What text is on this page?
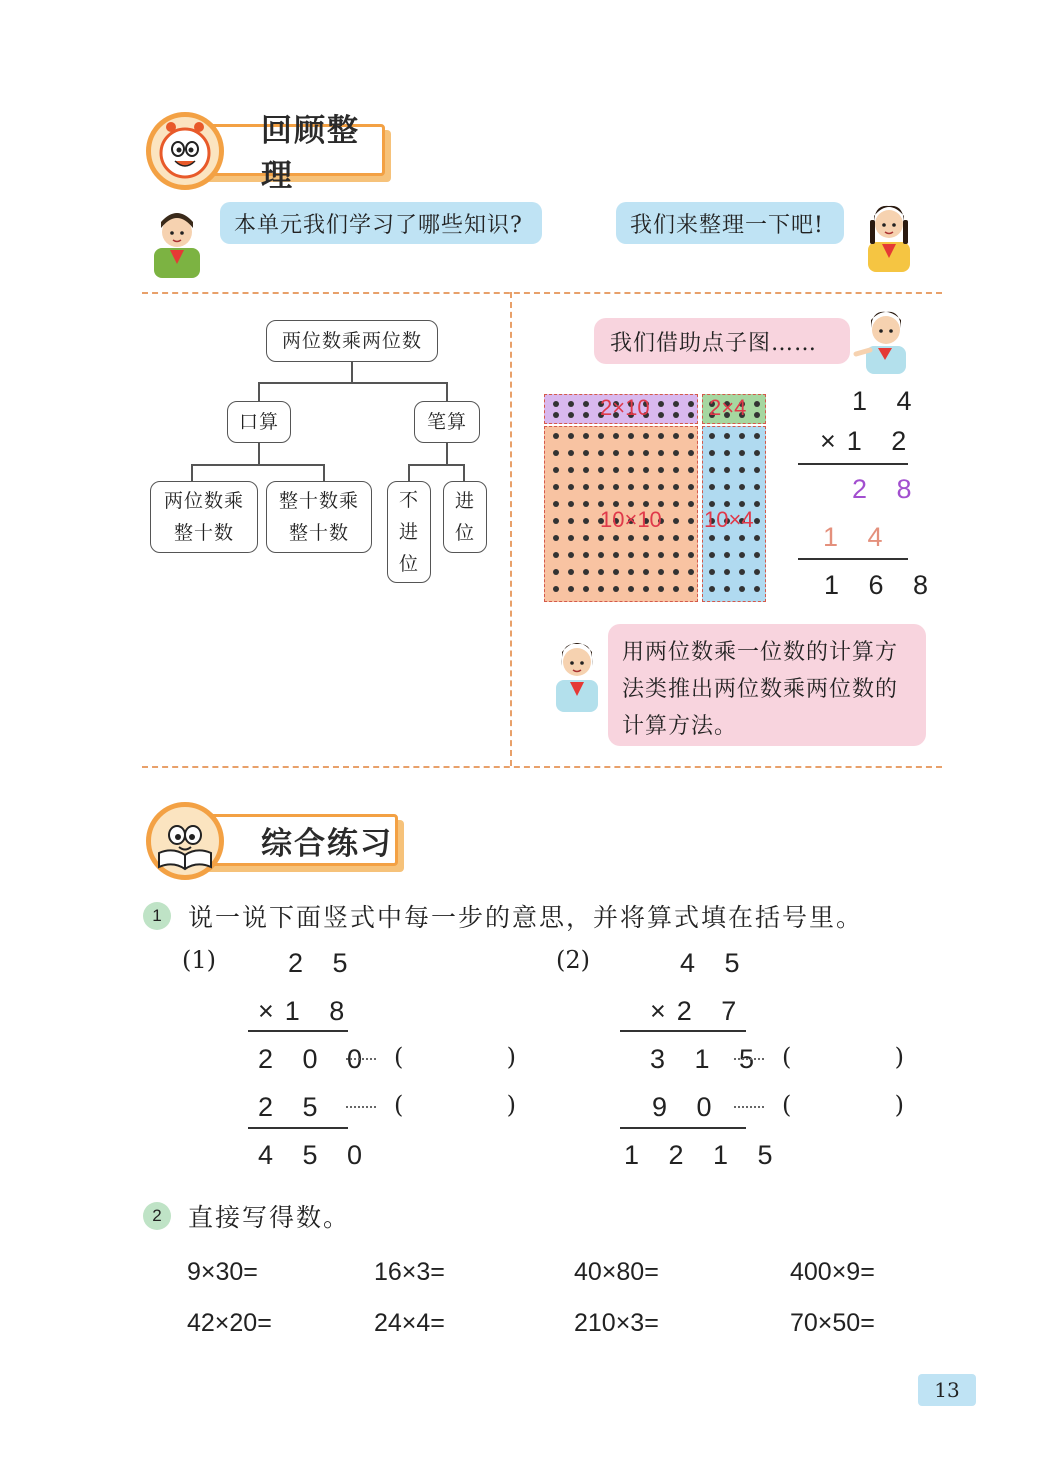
回顾整理
本单元我们学习了哪些知识?	我们来整理一下吧!
两位数乘两位数
口算	笔算
两位数乘整十数
整十数乘整十数
不进位
进位
我们借助点子图……
2×10	2×4
10×10 10×4
1 4
×1 2
2 8
1 4
1 6 8
用两位数乘一位数的计算方法类推出两位数乘两位数的计算方法。
综合练习
1	说一说下面竖式中每一步的意思，并将算式填在括号里。
(1)	2 5
×1 8
2 0 0 (	)
2 5	(	)
4 5 0
(2)	4 5
×2 7
3 1 5 (	)
9 0 (	)
1 2 1 5
2	直接写得数。
9×30=	16×3=	40×80=	400×9=
42×20=	24×4=	210×3=	70×50=
13
